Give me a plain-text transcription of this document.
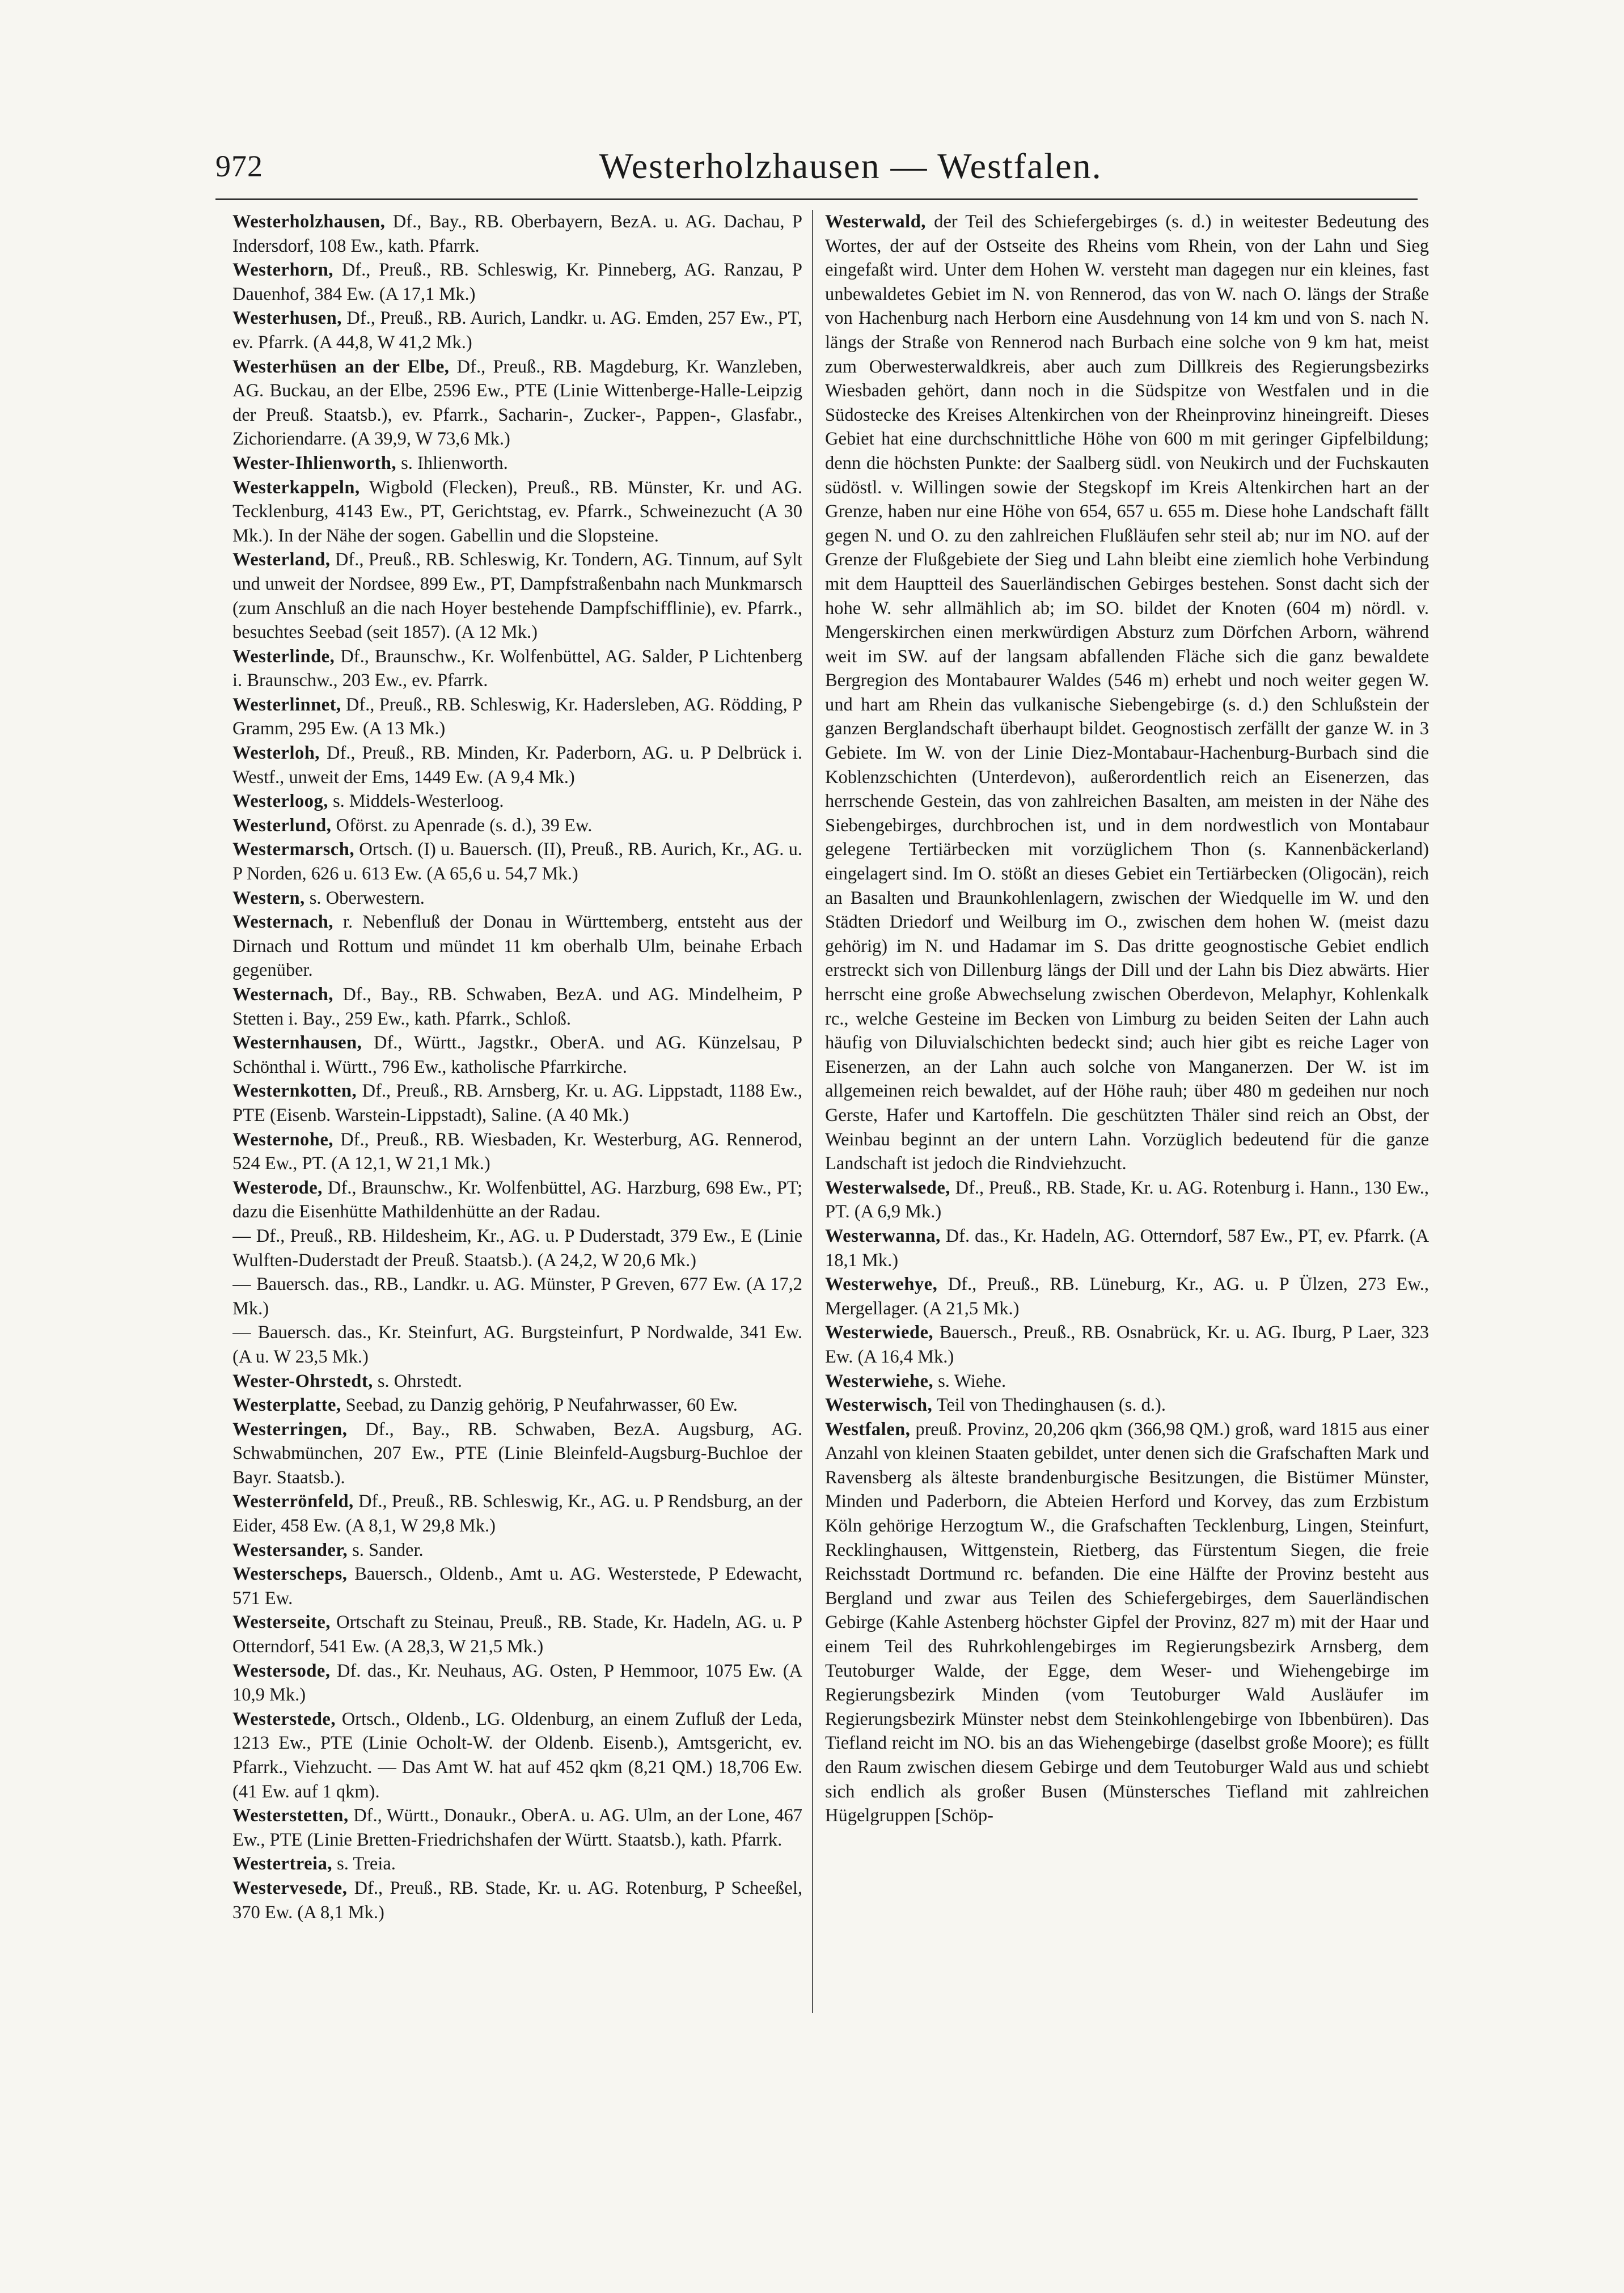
972	Westerholzhausen — Westfalen.

Westerholzhausen, Df., Bay., RB. Oberbayern, BezA. u. AG. Dachau, P Indersdorf, 108 Ew., kath. Pfarrk.

Westerhorn, Df., Preuß., RB. Schleswig, Kr. Pinneberg, AG. Ranzau, P Dauenhof, 384 Ew. (A 17,1 Mk.)

Westerhusen, Df., Preuß., RB. Aurich, Landkr. u. AG. Emden, 257 Ew., PT, ev. Pfarrk. (A 44,8, W 41,2 Mk.)

Westerhüsen an der Elbe, Df., Preuß., RB. Magdeburg, Kr. Wanzleben, AG. Buckau, an der Elbe, 2596 Ew., PTE (Linie Wittenberge-Halle-Leipzig der Preuß. Staatsb.), ev. Pfarrk., Sacharin-, Zucker-, Pappen-, Glasfabr., Zichoriendarre. (A 39,9, W 73,6 Mk.)

Wester-Ihlienworth, s. Ihlienworth.

Westerkappeln, Wigbold (Flecken), Preuß., RB. Münster, Kr. und AG. Tecklenburg, 4143 Ew., PT, Gerichtstag, ev. Pfarrk., Schweinezucht (A 30 Mk.). In der Nähe der sogen. Gabellin und die Slopsteine.

Westerland, Df., Preuß., RB. Schleswig, Kr. Tondern, AG. Tinnum, auf Sylt und unweit der Nordsee, 899 Ew., PT, Dampfstraßenbahn nach Munkmarsch (zum Anschluß an die nach Hoyer bestehende Dampfschifflinie), ev. Pfarrk., besuchtes Seebad (seit 1857). (A 12 Mk.)

Westerlinde, Df., Braunschw., Kr. Wolfenbüttel, AG. Salder, P Lichtenberg i. Braunschw., 203 Ew., ev. Pfarrk.

Westerlinnet, Df., Preuß., RB. Schleswig, Kr. Hadersleben, AG. Rödding, P Gramm, 295 Ew. (A 13 Mk.)

Westerloh, Df., Preuß., RB. Minden, Kr. Paderborn, AG. u. P Delbrück i. Westf., unweit der Ems, 1449 Ew. (A 9,4 Mk.)

Westerloog, s. Middels-Westerloog.

Westerlund, Oförst. zu Apenrade (s. d.), 39 Ew.

Westermarsch, Ortsch. (I) u. Bauersch. (II), Preuß., RB. Aurich, Kr., AG. u. P Norden, 626 u. 613 Ew. (A 65,6 u. 54,7 Mk.)

Western, s. Oberwestern.

Westernach, r. Nebenfluß der Donau in Württemberg, entsteht aus der Dirnach und Rottum und mündet 11 km oberhalb Ulm, beinahe Erbach gegenüber.

Westernach, Df., Bay., RB. Schwaben, BezA. und AG. Mindelheim, P Stetten i. Bay., 259 Ew., kath. Pfarrk., Schloß.

Westernhausen, Df., Württ., Jagstkr., OberA. und AG. Künzelsau, P Schönthal i. Württ., 796 Ew., katholische Pfarrkirche.

Westernkotten, Df., Preuß., RB. Arnsberg, Kr. u. AG. Lippstadt, 1188 Ew., PTE (Eisenb. Warstein-Lippstadt), Saline. (A 40 Mk.)

Westernohe, Df., Preuß., RB. Wiesbaden, Kr. Westerburg, AG. Rennerod, 524 Ew., PT. (A 12,1, W 21,1 Mk.)

Westerode, Df., Braunschw., Kr. Wolfenbüttel, AG. Harzburg, 698 Ew., PT; dazu die Eisenhütte Mathildenhütte an der Radau.

— Df., Preuß., RB. Hildesheim, Kr., AG. u. P Duderstadt, 379 Ew., E (Linie Wulften-Duderstadt der Preuß. Staatsb.). (A 24,2, W 20,6 Mk.)

— Bauersch. das., RB., Landkr. u. AG. Münster, P Greven, 677 Ew. (A 17,2 Mk.)

— Bauersch. das., Kr. Steinfurt, AG. Burgsteinfurt, P Nordwalde, 341 Ew. (A u. W 23,5 Mk.)

Wester-Ohrstedt, s. Ohrstedt.

Westerplatte, Seebad, zu Danzig gehörig, P Neufahrwasser, 60 Ew.

Westerringen, Df., Bay., RB. Schwaben, BezA. Augsburg, AG. Schwabmünchen, 207 Ew., PTE (Linie Bleinfeld-Augsburg-Buchloe der Bayr. Staatsb.).

Westerrönfeld, Df., Preuß., RB. Schleswig, Kr., AG. u. P Rendsburg, an der Eider, 458 Ew. (A 8,1, W 29,8 Mk.)

Westersander, s. Sander.

Westerscheps, Bauersch., Oldenb., Amt u. AG. Westerstede, P Edewacht, 571 Ew.

Westerseite, Ortschaft zu Steinau, Preuß., RB. Stade, Kr. Hadeln, AG. u. P Otterndorf, 541 Ew. (A 28,3, W 21,5 Mk.)

Westersode, Df. das., Kr. Neuhaus, AG. Osten, P Hemmoor, 1075 Ew. (A 10,9 Mk.)

Westerstede, Ortsch., Oldenb., LG. Oldenburg, an einem Zufluß der Leda, 1213 Ew., PTE (Linie Ocholt-W. der Oldenb. Eisenb.), Amtsgericht, ev. Pfarrk., Viehzucht. — Das Amt W. hat auf 452 qkm (8,21 QM.) 18,706 Ew. (41 Ew. auf 1 qkm).

Westerstetten, Df., Württ., Donaukr., OberA. u. AG. Ulm, an der Lone, 467 Ew., PTE (Linie Bretten-Friedrichshafen der Württ. Staatsb.), kath. Pfarrk.

Westertreia, s. Treia.

Westervesede, Df., Preuß., RB. Stade, Kr. u. AG. Rotenburg, P Scheeßel, 370 Ew. (A 8,1 Mk.)

Westerwald, der Teil des Schiefergebirges (s. d.) in weitester Bedeutung des Wortes, der auf der Ostseite des Rheins vom Rhein, von der Lahn und Sieg eingefaßt wird. Unter dem Hohen W. versteht man dagegen nur ein kleines, fast unbewaldetes Gebiet im N. von Rennerod, das von W. nach O. längs der Straße von Hachenburg nach Herborn eine Ausdehnung von 14 km und von S. nach N. längs der Straße von Rennerod nach Burbach eine solche von 9 km hat, meist zum Oberwesterwaldkreis, aber auch zum Dillkreis des Regierungsbezirks Wiesbaden gehört, dann noch in die Südspitze von Westfalen und in die Südostecke des Kreises Altenkirchen von der Rheinprovinz hineingreift. Dieses Gebiet hat eine durchschnittliche Höhe von 600 m mit geringer Gipfelbildung; denn die höchsten Punkte: der Saalberg südl. von Neukirch und der Fuchskauten südöstl. v. Willingen sowie der Stegskopf im Kreis Altenkirchen hart an der Grenze, haben nur eine Höhe von 654, 657 u. 655 m. Diese hohe Landschaft fällt gegen N. und O. zu den zahlreichen Flußläufen sehr steil ab; nur im NO. auf der Grenze der Flußgebiete der Sieg und Lahn bleibt eine ziemlich hohe Verbindung mit dem Hauptteil des Sauerländischen Gebirges bestehen. Sonst dacht sich der hohe W. sehr allmählich ab; im SO. bildet der Knoten (604 m) nördl. v. Mengerskirchen einen merkwürdigen Absturz zum Dörfchen Arborn, während weit im SW. auf der langsam abfallenden Fläche sich die ganz bewaldete Bergregion des Montabaurer Waldes (546 m) erhebt und noch weiter gegen W. und hart am Rhein das vulkanische Siebengebirge (s. d.) den Schlußstein der ganzen Berglandschaft überhaupt bildet. Geognostisch zerfällt der ganze W. in 3 Gebiete. Im W. von der Linie Diez-Montabaur-Hachenburg-Burbach sind die Koblenzschichten (Unterdevon), außerordentlich reich an Eisenerzen, das herrschende Gestein, das von zahlreichen Basalten, am meisten in der Nähe des Siebengebirges, durchbrochen ist, und in dem nordwestlich von Montabaur gelegene Tertiärbecken mit vorzüglichem Thon (s. Kannenbäckerland) eingelagert sind. Im O. stößt an dieses Gebiet ein Tertiärbecken (Oligocän), reich an Basalten und Braunkohlenlagern, zwischen der Wiedquelle im W. und den Städten Driedorf und Weilburg im O., zwischen dem hohen W. (meist dazu gehörig) im N. und Hadamar im S. Das dritte geognostische Gebiet endlich erstreckt sich von Dillenburg längs der Dill und der Lahn bis Diez abwärts. Hier herrscht eine große Abwechselung zwischen Oberdevon, Melaphyr, Kohlenkalk rc., welche Gesteine im Becken von Limburg zu beiden Seiten der Lahn auch häufig von Diluvialschichten bedeckt sind; auch hier gibt es reiche Lager von Eisenerzen, an der Lahn auch solche von Manganerzen. Der W. ist im allgemeinen reich bewaldet, auf der Höhe rauh; über 480 m gedeihen nur noch Gerste, Hafer und Kartoffeln. Die geschützten Thäler sind reich an Obst, der Weinbau beginnt an der untern Lahn. Vorzüglich bedeutend für die ganze Landschaft ist jedoch die Rindviehzucht.

Westerwalsede, Df., Preuß., RB. Stade, Kr. u. AG. Rotenburg i. Hann., 130 Ew., PT. (A 6,9 Mk.)

Westerwanna, Df. das., Kr. Hadeln, AG. Otterndorf, 587 Ew., PT, ev. Pfarrk. (A 18,1 Mk.)

Westerwehye, Df., Preuß., RB. Lüneburg, Kr., AG. u. P Ülzen, 273 Ew., Mergellager. (A 21,5 Mk.)

Westerwiede, Bauersch., Preuß., RB. Osnabrück, Kr. u. AG. Iburg, P Laer, 323 Ew. (A 16,4 Mk.)

Westerwiehe, s. Wiehe.

Westerwisch, Teil von Thedinghausen (s. d.).

Westfalen, preuß. Provinz, 20,206 qkm (366,98 QM.) groß, ward 1815 aus einer Anzahl von kleinen Staaten gebildet, unter denen sich die Grafschaften Mark und Ravensberg als älteste brandenburgische Besitzungen, die Bistümer Münster, Minden und Paderborn, die Abteien Herford und Korvey, das zum Erzbistum Köln gehörige Herzogtum W., die Grafschaften Tecklenburg, Lingen, Steinfurt, Recklinghausen, Wittgenstein, Rietberg, das Fürstentum Siegen, die freie Reichsstadt Dortmund rc. befanden. Die eine Hälfte der Provinz besteht aus Bergland und zwar aus Teilen des Schiefergebirges, dem Sauerländischen Gebirge (Kahle Astenberg höchster Gipfel der Provinz, 827 m) mit der Haar und einem Teil des Ruhrkohlengebirges im Regierungsbezirk Arnsberg, dem Teutoburger Walde, der Egge, dem Weser- und Wiehengebirge im Regierungsbezirk Minden (vom Teutoburger Wald Ausläufer im Regierungsbezirk Münster nebst dem Steinkohlengebirge von Ibbenbüren). Das Tiefland reicht im NO. bis an das Wiehengebirge (daselbst große Moore); es füllt den Raum zwischen diesem Gebirge und dem Teutoburger Wald aus und schiebt sich endlich als großer Busen (Münstersches Tiefland mit zahlreichen Hügelgruppen [Schöp-
